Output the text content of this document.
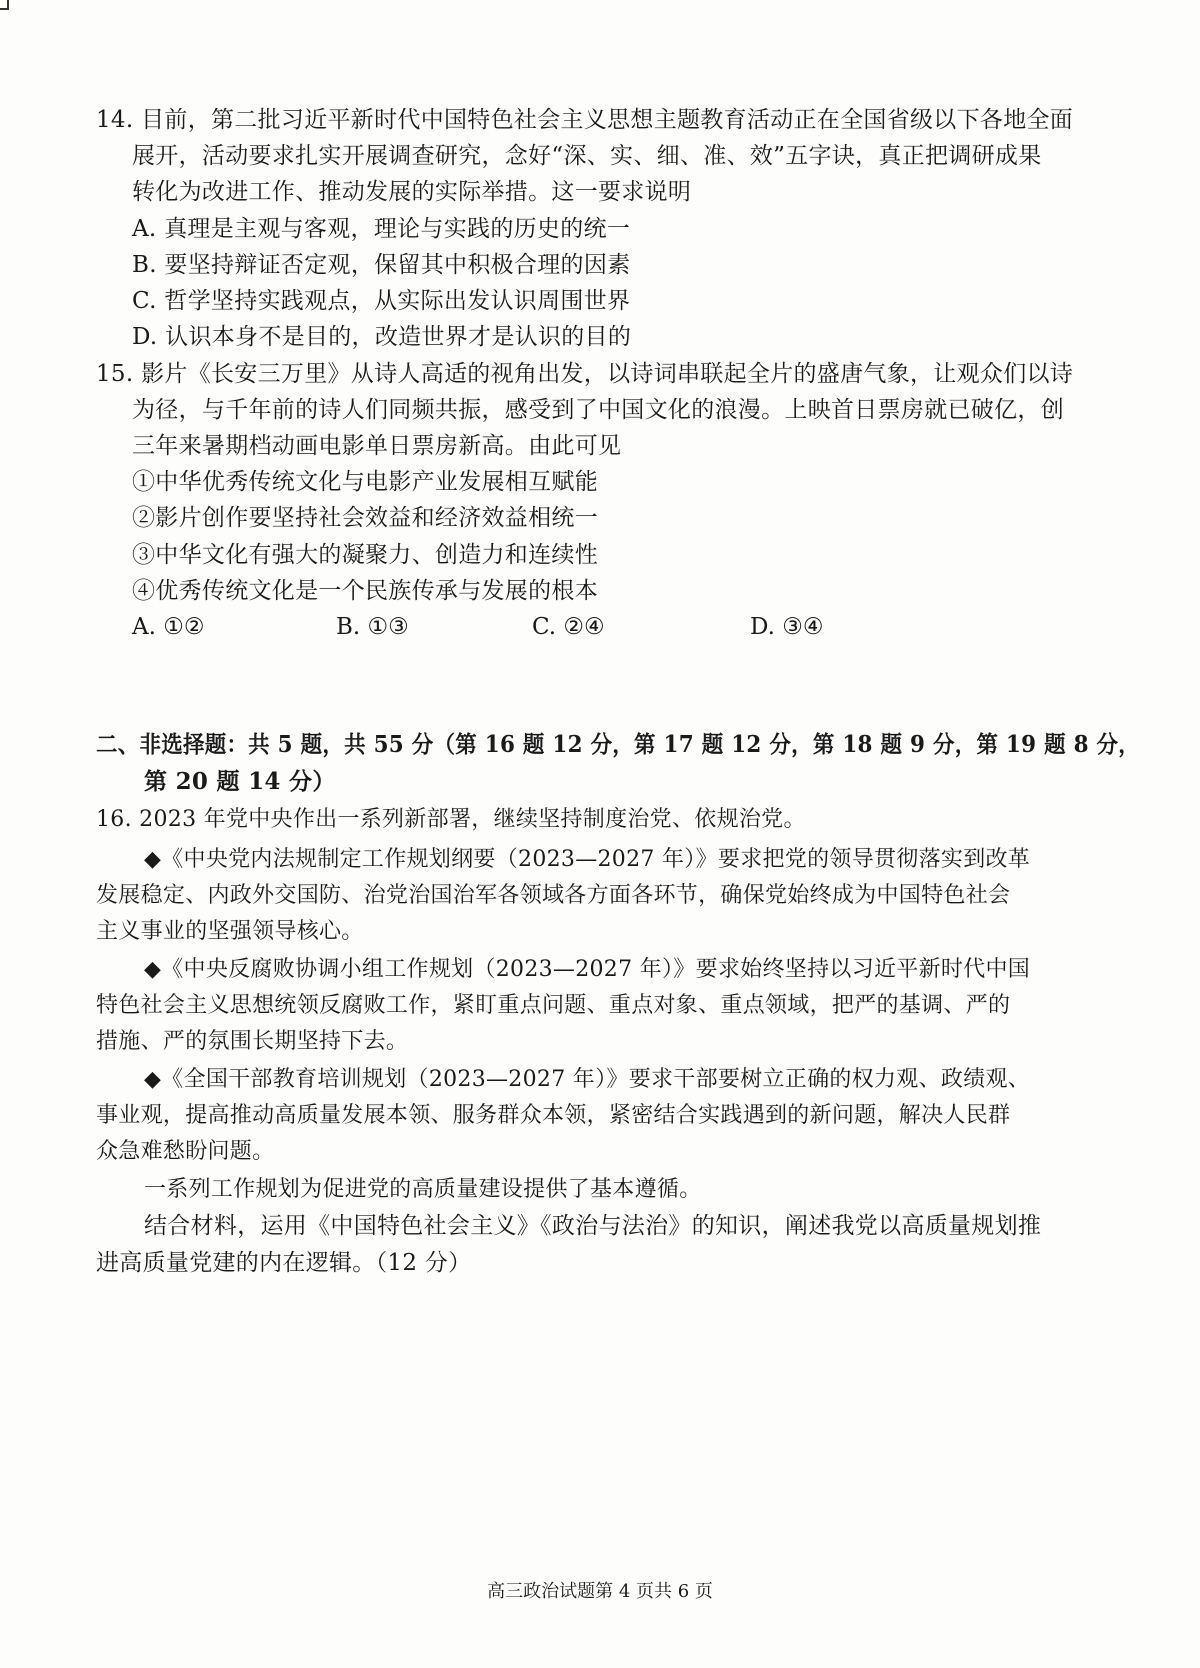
14. 目前，第二批习近平新时代中国特色社会主义思想主题教育活动正在全国省级以下各地全面
展开，活动要求扎实开展调查研究，念好“深、实、细、准、效”五字诀，真正把调研成果
转化为改进工作、推动发展的实际举措。这一要求说明
A. 真理是主观与客观，理论与实践的历史的统一
B. 要坚持辩证否定观，保留其中积极合理的因素
C. 哲学坚持实践观点，从实际出发认识周围世界
D. 认识本身不是目的，改造世界才是认识的目的
15. 影片《长安三万里》从诗人高适的视角出发，以诗词串联起全片的盛唐气象，让观众们以诗
为径，与千年前的诗人们同频共振，感受到了中国文化的浪漫。上映首日票房就已破亿，创
三年来暑期档动画电影单日票房新高。由此可见
①中华优秀传统文化与电影产业发展相互赋能
②影片创作要坚持社会效益和经济效益相统一
③中华文化有强大的凝聚力、创造力和连续性
④优秀传统文化是一个民族传承与发展的根本
A. ①②	B. ①③	C. ②④	D. ③④
二、非选择题：共 5 题，共 55 分（第 16 题 12 分，第 17 题 12 分，第 18 题 9 分，第 19 题 8 分，
第 20 题 14 分）
16. 2023 年党中央作出一系列新部署，继续坚持制度治党、依规治党。
◆《中央党内法规制定工作规划纲要（2023—2027 年）》要求把党的领导贯彻落实到改革
发展稳定、内政外交国防、治党治国治军各领域各方面各环节，确保党始终成为中国特色社会
主义事业的坚强领导核心。
◆《中央反腐败协调小组工作规划（2023—2027 年）》要求始终坚持以习近平新时代中国
特色社会主义思想统领反腐败工作，紧盯重点问题、重点对象、重点领域，把严的基调、严的
措施、严的氛围长期坚持下去。
◆《全国干部教育培训规划（2023—2027 年）》要求干部要树立正确的权力观、政绩观、
事业观，提高推动高质量发展本领、服务群众本领，紧密结合实践遇到的新问题，解决人民群
众急难愁盼问题。
一系列工作规划为促进党的高质量建设提供了基本遵循。
结合材料，运用《中国特色社会主义》《政治与法治》的知识，阐述我党以高质量规划推
进高质量党建的内在逻辑。（12 分）
高三政治试题第 4 页共 6 页
